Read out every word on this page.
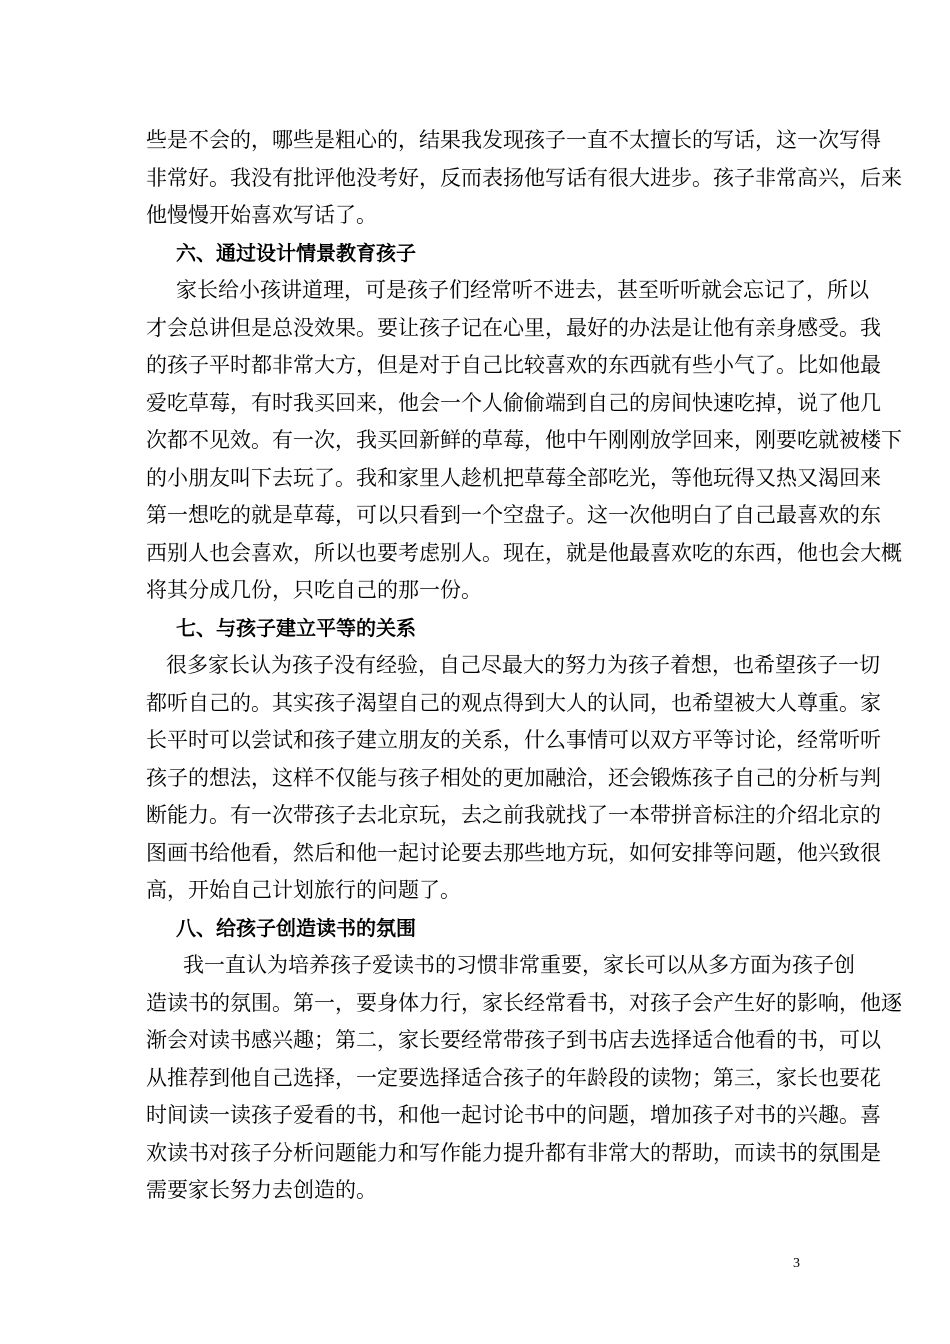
些是不会的，哪些是粗心的，结果我发现孩子一直不太擅长的写话，这一次写得
非常好。我没有批评他没考好，反而表扬他写话有很大进步。孩子非常高兴，后来
他慢慢开始喜欢写话了。
六、通过设计情景教育孩子
家长给小孩讲道理，可是孩子们经常听不进去，甚至听听就会忘记了，所以
才会总讲但是总没效果。要让孩子记在心里，最好的办法是让他有亲身感受。我
的孩子平时都非常大方，但是对于自己比较喜欢的东西就有些小气了。比如他最
爱吃草莓，有时我买回来，他会一个人偷偷端到自己的房间快速吃掉，说了他几
次都不见效。有一次，我买回新鲜的草莓，他中午刚刚放学回来，刚要吃就被楼下
的小朋友叫下去玩了。我和家里人趁机把草莓全部吃光，等他玩得又热又渴回来
第一想吃的就是草莓，可以只看到一个空盘子。这一次他明白了自己最喜欢的东
西别人也会喜欢，所以也要考虑别人。现在，就是他最喜欢吃的东西，他也会大概
将其分成几份，只吃自己的那一份。
七、与孩子建立平等的关系
很多家长认为孩子没有经验，自己尽最大的努力为孩子着想，也希望孩子一切
都听自己的。其实孩子渴望自己的观点得到大人的认同，也希望被大人尊重。家
长平时可以尝试和孩子建立朋友的关系，什么事情可以双方平等讨论，经常听听
孩子的想法，这样不仅能与孩子相处的更加融洽，还会锻炼孩子自己的分析与判
断能力。有一次带孩子去北京玩，去之前我就找了一本带拼音标注的介绍北京的
图画书给他看，然后和他一起讨论要去那些地方玩，如何安排等问题，他兴致很
高，开始自己计划旅行的问题了。
八、给孩子创造读书的氛围
我一直认为培养孩子爱读书的习惯非常重要，家长可以从多方面为孩子创
造读书的氛围。第一，要身体力行，家长经常看书，对孩子会产生好的影响，他逐
渐会对读书感兴趣；第二，家长要经常带孩子到书店去选择适合他看的书，可以
从推荐到他自己选择，一定要选择适合孩子的年龄段的读物；第三，家长也要花
时间读一读孩子爱看的书，和他一起讨论书中的问题，增加孩子对书的兴趣。喜
欢读书对孩子分析问题能力和写作能力提升都有非常大的帮助，而读书的氛围是
需要家长努力去创造的。
3
